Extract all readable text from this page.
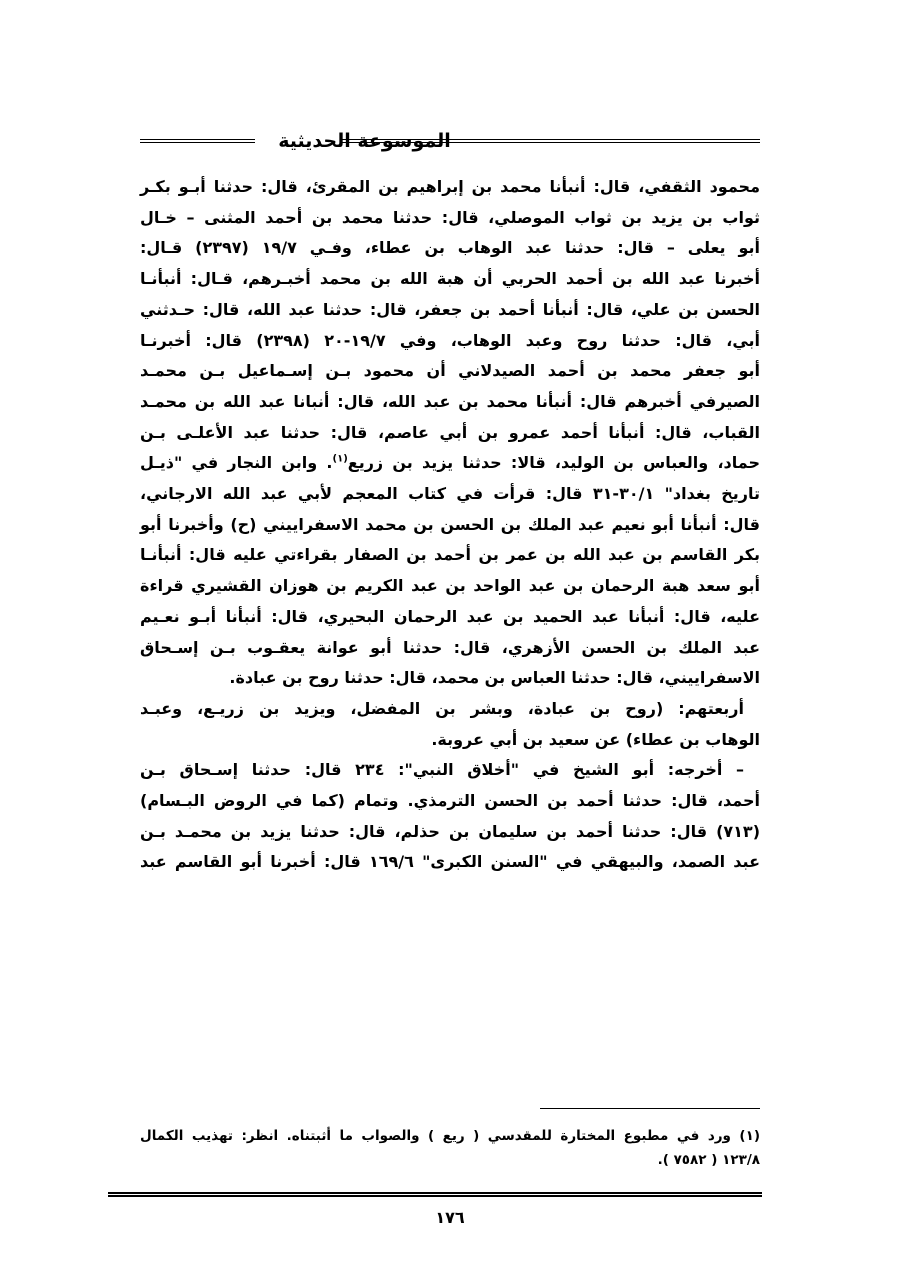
الموسوعة الحديثية

محمود الثقفي، قال: أنبأنا محمد بن إبراهيم بن المقرئ، قال: حدثنا أبـو بكـر

ثواب بن يزيد بن ثواب الموصلي، قال: حدثنا محمد بن أحمد المثنى – خـال

أبو يعلى – قال: حدثنا عبد الوهاب بن عطاء، وفـي ١٩/٧ (٢٣٩٧) قـال:

أخبرنا عبد الله بن أحمد الحربي أن هبة الله بن محمد أخبـرهم، قـال: أنبأنـا

الحسن بن علي، قال: أنبأنا أحمد بن جعفر، قال: حدثنا عبد الله، قال: حـدثني

أبي، قال: حدثنا روح وعبد الوهاب، وفي ١٩/٧-٢٠ (٢٣٩٨) قال: أخبرنـا

أبو جعفر محمد بن أحمد الصيدلاني أن محمود بـن إسـماعيل بـن محمـد

الصيرفي أخبرهم قال: أنبأنا محمد بن عبد الله، قال: أنبانا عبد الله بن محمـد

القباب، قال: أنبأنا أحمد عمرو بن أبي عاصم، قال: حدثنا عبد الأعلـى بـن

حماد، والعباس بن الوليد، قالا: حدثنا يزيد بن زريع$^{(١)}$. وابن النجار في "ذيـل

تاريخ بغداد" ٣٠/١-٣١ قال: قرأت في كتاب المعجم لأبي عبد الله الارجاني،

قال: أنبأنا أبو نعيم عبد الملك بن الحسن بن محمد الاسفراييني (ح) وأخبرنا أبو

بكر القاسم بن عبد الله بن عمر بن أحمد بن الصفار بقراءتي عليه قال: أنبأنـا

أبو سعد هبة الرحمان بن عبد الواحد بن عبد الكريم بن هوزان القشيري قراءة

عليه، قال: أنبأنا عبد الحميد بن عبد الرحمان البحيري، قال: أنبأنا أبـو نعـيم

عبد الملك بن الحسن الأزهري، قال: حدثنا أبو عوانة يعقـوب بـن إسـحاق

الاسفراييني، قال: حدثنا العباس بن محمد، قال: حدثنا روح بن عبادة.

أربعتهم: (روح بن عبادة، وبشر بن المفضل، ويزيد بن زريـع، وعبـد

الوهاب بن عطاء) عن سعيد بن أبي عروبة.

– أخرجه: أبو الشيخ في "أخلاق النبي": ٢٣٤ قال: حدثنا إسـحاق بـن

أحمد، قال: حدثنا أحمد بن الحسن الترمذي. وتمام (كما في الروض البـسام)

(٧١٣) قال: حدثنا أحمد بن سليمان بن حذلم، قال: حدثنا يزيد بن محمـد بـن

عبد الصمد، والبيهقي في "السنن الكبرى" ١٦٩/٦ قال: أخبرنا أبو القاسم عبد

(١) ورد في مطبوع المختارة للمقدسي ( ريع ) والصواب ما أثبتناه. انظر: تهذيب الكمال

١٢٣/٨ ( ٧٥٨٢ ).

١٧٦
